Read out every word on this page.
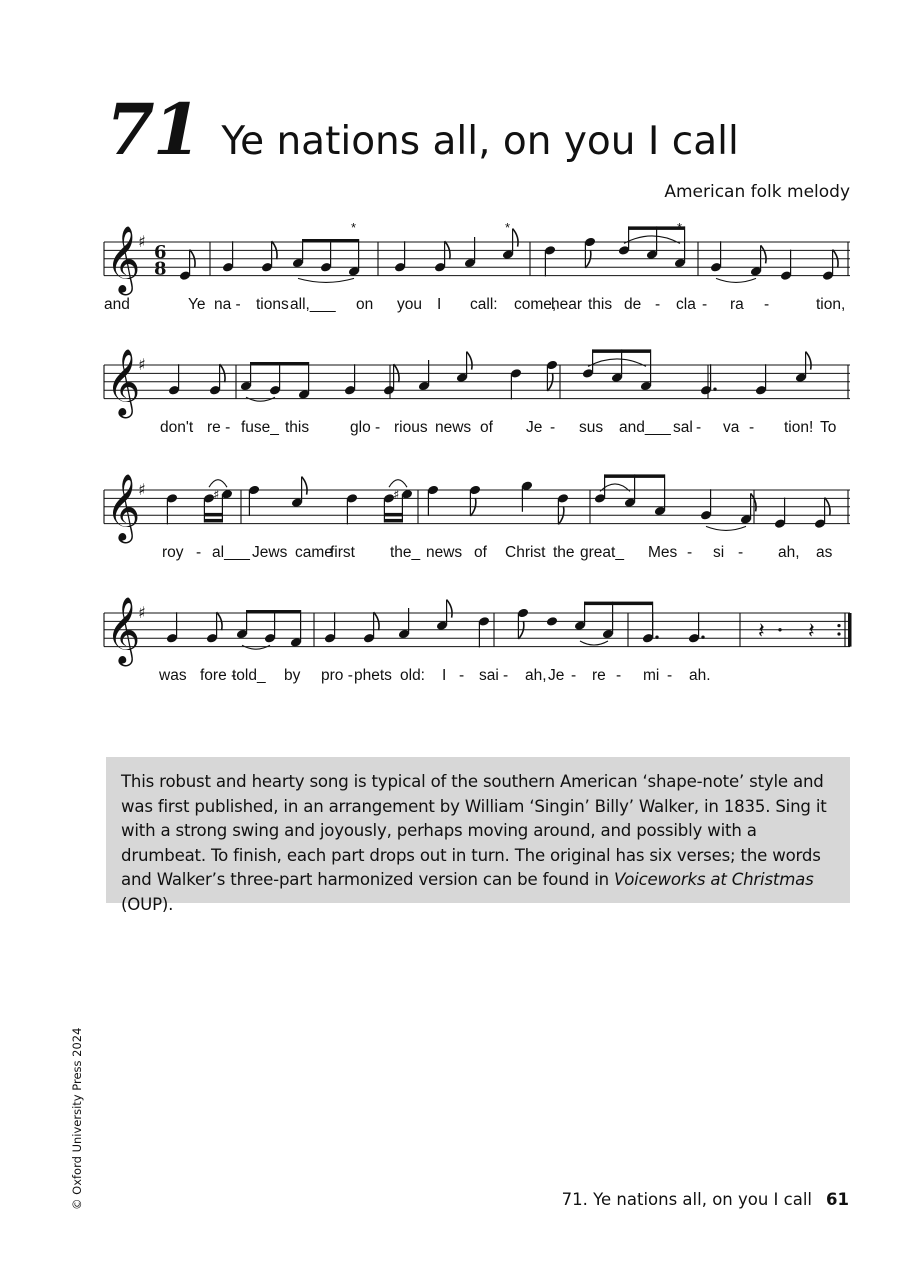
71 Ye nations all, on you I call
American folk melody
𝄞
♯
6
8
*	*
Ye na - tions all,___ on you I call: come,
hear this de - cla - ra -	tion,
and
𝄞
♯
don't re - fuse_ this	glo - rious news of Je - sus and___ sal - va - tion! To
𝄞
♯	♯	♯
roy - al___ Jews came
first the_ news of Christ the great_ Mes - si - ah, as
𝄞
♯
𝄽 𝄽
was fore -
told_ by pro - phets old: I - sai - ah, Je - re - mi - ah.

This robust and hearty song is typical of the southern American ‘shape-note’ style and was first published, in an arrangement by William ‘Singin’ Billy’ Walker, in 1835. Sing it with a strong swing and joyously, perhaps moving around, and possibly with a drumbeat. To finish, each part drops out in turn. The original has six verses; the words and Walker’s three-part harmonized version can be found in Voiceworks at Christmas (OUP).

© Oxford University Press 2024	71. Ye nations all, on you I call 61
